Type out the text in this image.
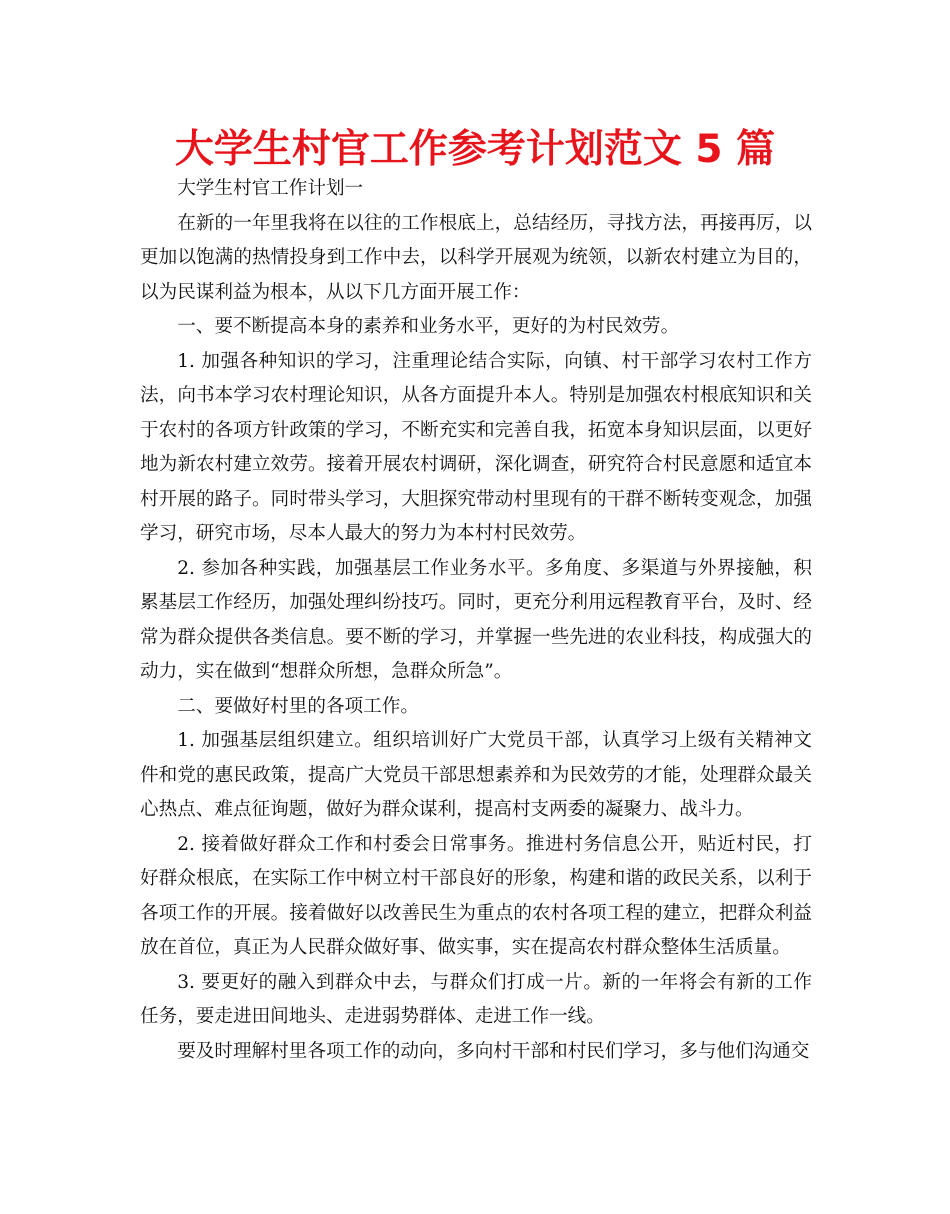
大学生村官工作参考计划范文 5 篇

大学生村官工作计划一

在新的一年里我将在以往的工作根底上，总结经历，寻找方法，再接再厉，以更加以饱满的热情投身到工作中去，以科学开展观为统领，以新农村建立为目的，以为民谋利益为根本，从以下几方面开展工作：

一、要不断提高本身的素养和业务水平，更好的为村民效劳。

1. 加强各种知识的学习，注重理论结合实际，向镇、村干部学习农村工作方法，向书本学习农村理论知识，从各方面提升本人。特别是加强农村根底知识和关于农村的各项方针政策的学习，不断充实和完善自我，拓宽本身知识层面，以更好地为新农村建立效劳。接着开展农村调研，深化调查，研究符合村民意愿和适宜本村开展的路子。同时带头学习，大胆探究带动村里现有的干群不断转变观念，加强学习，研究市场，尽本人最大的努力为本村村民效劳。

2. 参加各种实践，加强基层工作业务水平。多角度、多渠道与外界接触，积累基层工作经历，加强处理纠纷技巧。同时，更充分利用远程教育平台，及时、经常为群众提供各类信息。要不断的学习，并掌握一些先进的农业科技，构成强大的动力，实在做到“想群众所想，急群众所急”。

二、要做好村里的各项工作。

1. 加强基层组织建立。组织培训好广大党员干部，认真学习上级有关精神文件和党的惠民政策，提高广大党员干部思想素养和为民效劳的才能，处理群众最关心热点、难点征询题，做好为群众谋利，提高村支两委的凝聚力、战斗力。

2. 接着做好群众工作和村委会日常事务。推进村务信息公开，贴近村民，打好群众根底，在实际工作中树立村干部良好的形象，构建和谐的政民关系，以利于各项工作的开展。接着做好以改善民生为重点的农村各项工程的建立，把群众利益放在首位，真正为人民群众做好事、做实事，实在提高农村群众整体生活质量。

3. 要更好的融入到群众中去，与群众们打成一片。新的一年将会有新的工作任务，要走进田间地头、走进弱势群体、走进工作一线。

要及时理解村里各项工作的动向，多向村干部和村民们学习，多与他们沟通交
